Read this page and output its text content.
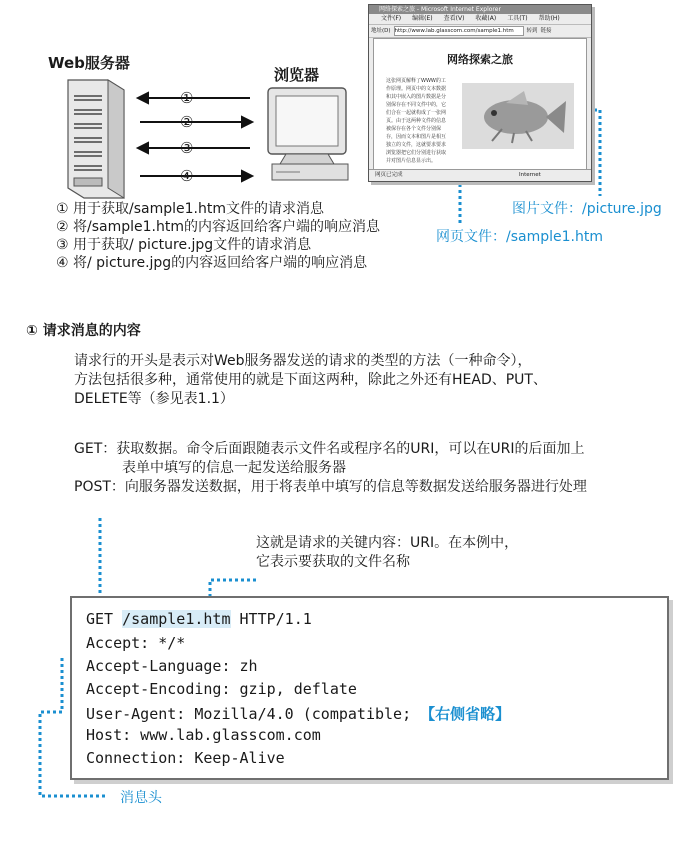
Web服务器
浏览器
①
②
③
④
网络探索之旅 - Microsoft Internet Explorer
文件(F) 编辑(E) 查看(V) 收藏(A) 工具(T) 帮助(H)
地址(D) http://www.lab.glasscom.com/sample1.htm	转到 链接
网络探索之旅
这张网页解释了WWW的工作原理。网页中的文本数据和其中嵌入的图片数据是分别保存在不同文件中的，它们合在一起就构成了一张网页。由于这两种文件的信息被保存在各个文件分别保存，因而文本和图片是相互独立的文件，这就要求要求浏览器把它们分别进行获取并对图片信息显示出。
网页已完成	Internet
图片文件：/picture.jpg
网页文件：/sample1.htm
① 用于获取/sample1.htm文件的请求消息
② 将/sample1.htm的内容返回给客户端的响应消息
③ 用于获取/ picture.jpg文件的请求消息
④ 将/ picture.jpg的内容返回给客户端的响应消息
① 请求消息的内容
请求行的开头是表示对Web服务器发送的请求的类型的方法（一种命令），
方法包括很多种，通常使用的就是下面这两种，除此之外还有HEAD、PUT、
DELETE等（参见表1.1）
GET：获取数据。命令后面跟随表示文件名或程序名的URI，可以在URI的后面加上
表单中填写的信息一起发送给服务器
POST：向服务器发送数据，用于将表单中填写的信息等数据发送给服务器进行处理
这就是请求的关键内容：URI。在本例中，
它表示要获取的文件名称
GET /sample1.htm HTTP/1.1
Accept: */*
Accept-Language: zh
Accept-Encoding: gzip, deflate
User-Agent: Mozilla/4.0 (compatible; 【右侧省略】
Host: www.lab.glasscom.com
Connection: Keep-Alive
消息头
